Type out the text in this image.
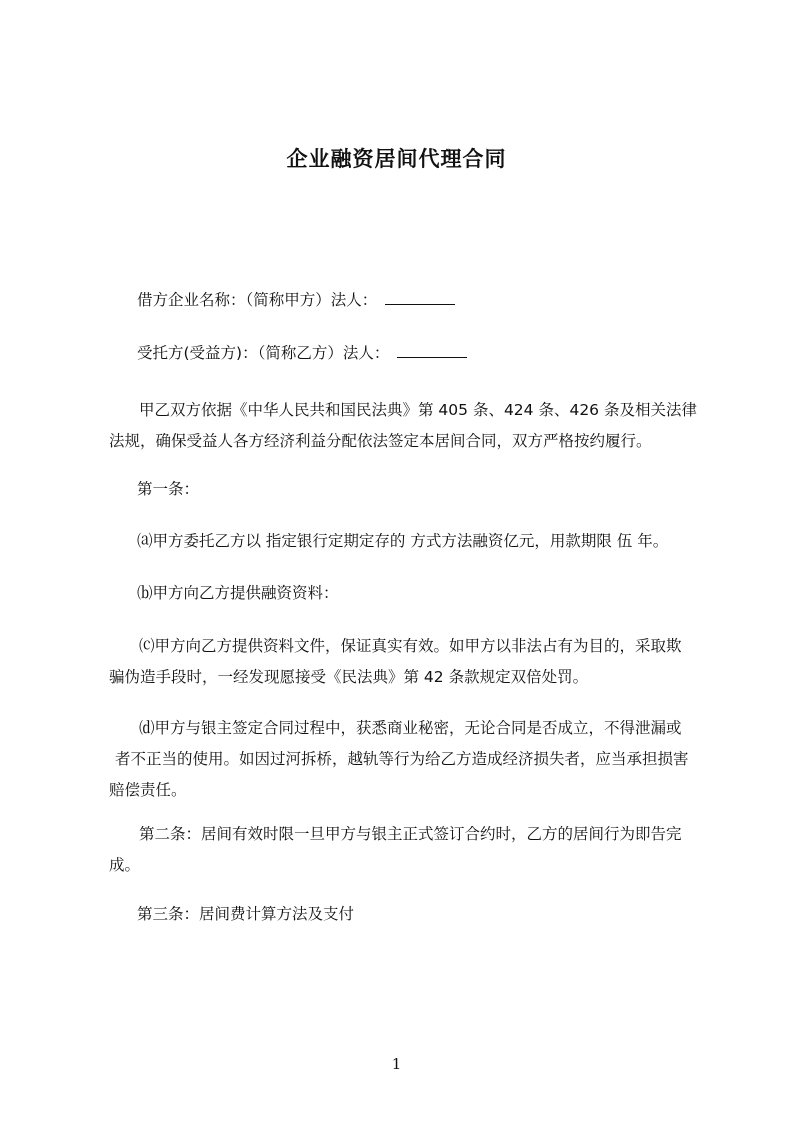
企业融资居间代理合同
借方企业名称：（简称甲方）法人：
受托方(受益方)：（简称乙方）法人：
甲乙双方依据《中华人民共和国民法典》第 405 条、424 条、426 条及相关法律
法规，确保受益人各方经济利益分配依法签定本居间合同，双方严格按约履行。
第一条：
⒜甲方委托乙方以 指定银行定期定存的 方式方法融资亿元，用款期限 伍 年。
⒝甲方向乙方提供融资资料：
⒞甲方向乙方提供资料文件，保证真实有效。如甲方以非法占有为目的，采取欺
骗伪造手段时，一经发现愿接受《民法典》第 42 条款规定双倍处罚。
⒟甲方与银主签定合同过程中，获悉商业秘密，无论合同是否成立，不得泄漏或
者不正当的使用。如因过河拆桥，越轨等行为给乙方造成经济损失者，应当承担损害
赔偿责任。
第二条：居间有效时限一旦甲方与银主正式签订合约时，乙方的居间行为即告完
成。
第三条：居间费计算方法及支付
1
